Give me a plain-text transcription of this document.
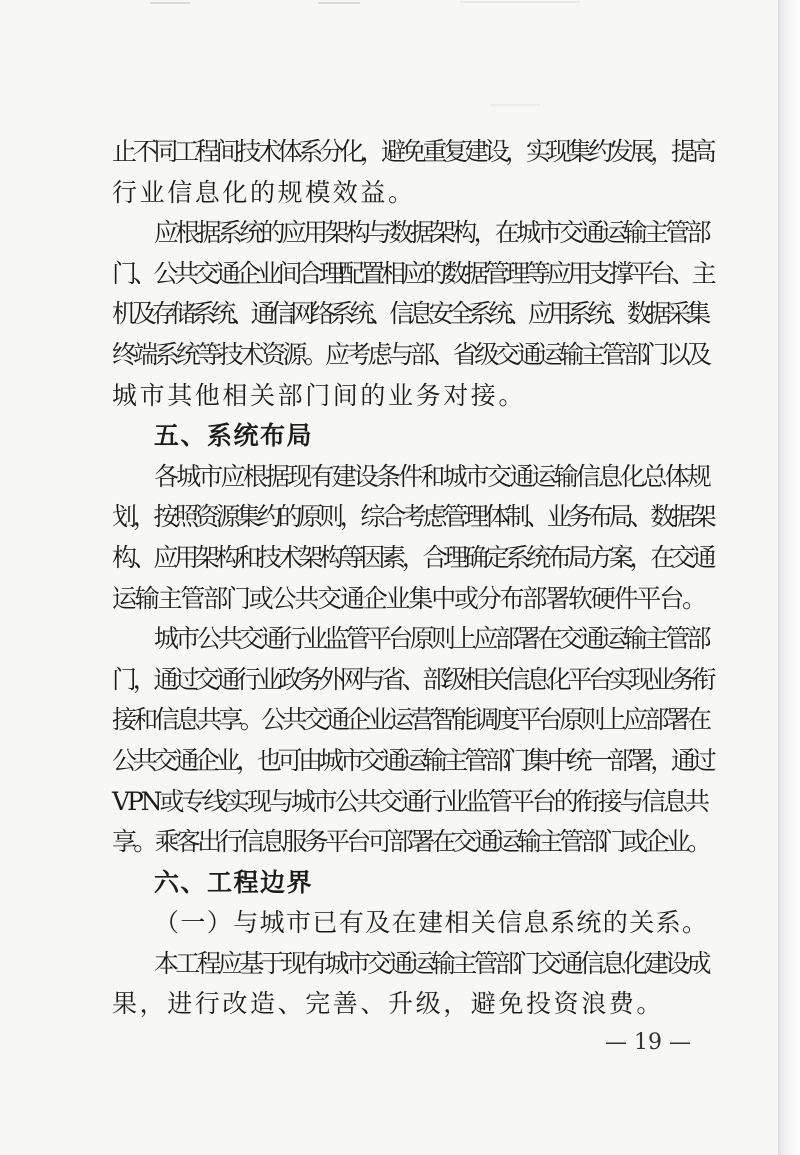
止不同工程间技术体系分化，避免重复建设，实现集约发展，提高

行业信息化的规模效益。

应根据系统的应用架构与数据架构，在城市交通运输主管部

门、公共交通企业间合理配置相应的数据管理等应用支撑平台、主

机及存储系统、通信网络系统、信息安全系统、应用系统、数据采集

终端系统等技术资源。应考虑与部、省级交通运输主管部门以及

城市其他相关部门间的业务对接。

五、系统布局

各城市应根据现有建设条件和城市交通运输信息化总体规

划，按照资源集约的原则，综合考虑管理体制、业务布局、数据架

构、应用架构和技术架构等因素，合理确定系统布局方案，在交通

运输主管部门或公共交通企业集中或分布部署软硬件平台。

城市公共交通行业监管平台原则上应部署在交通运输主管部

门，通过交通行业政务外网与省、部级相关信息化平台实现业务衔

接和信息共享。公共交通企业运营智能调度平台原则上应部署在

公共交通企业，也可由城市交通运输主管部门集中统一部署，通过

VPN或专线实现与城市公共交通行业监管平台的衔接与信息共

享。乘客出行信息服务平台可部署在交通运输主管部门或企业。

六、工程边界

（一）与城市已有及在建相关信息系统的关系。

本工程应基于现有城市交通运输主管部门交通信息化建设成

果，进行改造、完善、升级，避免投资浪费。

— 19 —
